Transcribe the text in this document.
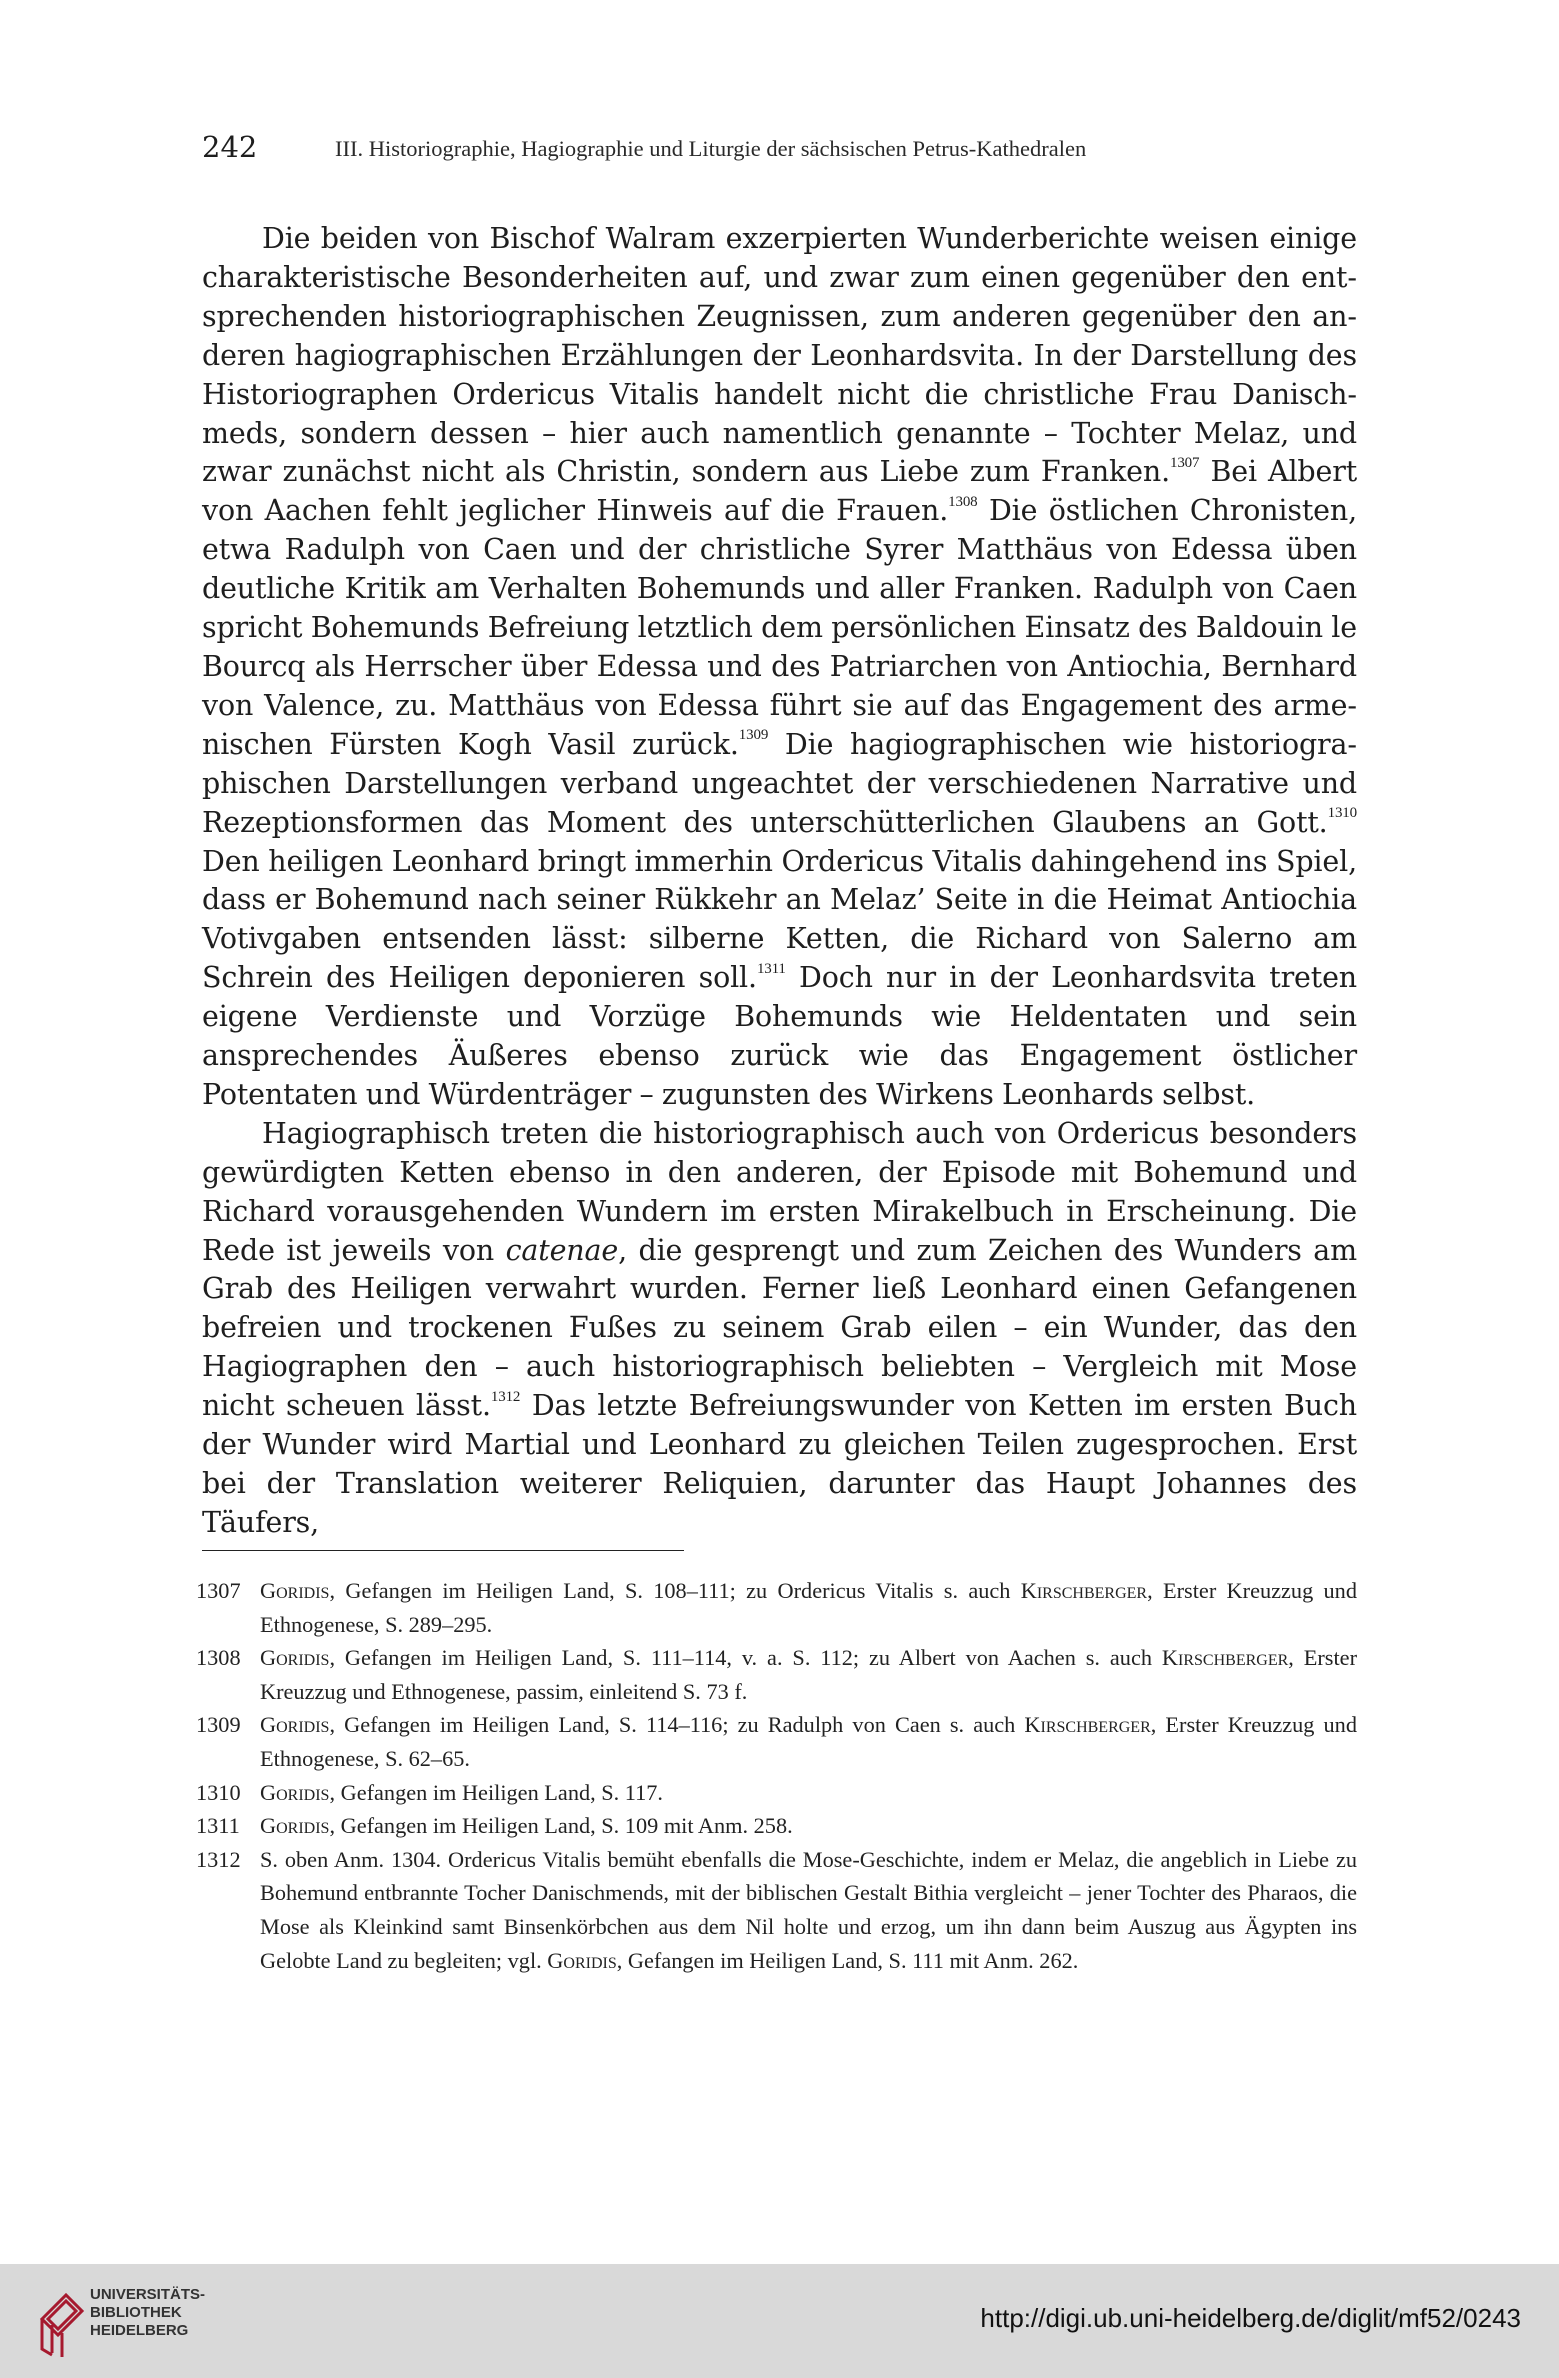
242	III. Historiographie, Hagiographie und Liturgie der sächsischen Petrus-Kathedralen

Die beiden von Bischof Walram exzerpierten Wunderberichte weisen einige charakteristische Besonderheiten auf, und zwar zum einen gegenüber den entsprechenden historiographischen Zeugnissen, zum anderen gegenüber den anderen hagiographischen Erzählungen der Leonhardsvita. In der Darstellung des Historiographen Ordericus Vitalis handelt nicht die christliche Frau Danischmeds, sondern dessen – hier auch namentlich genannte – Tochter Melaz, und zwar zunächst nicht als Christin, sondern aus Liebe zum Franken.$^{1307}$ Bei Albert von Aachen fehlt jeglicher Hinweis auf die Frauen.$^{1308}$ Die östlichen Chronisten, etwa Radulph von Caen und der christliche Syrer Matthäus von Edessa üben deutliche Kritik am Verhalten Bohemunds und aller Franken. Radulph von Caen spricht Bohemunds Befreiung letztlich dem persönlichen Einsatz des Baldouin le Bourcq als Herrscher über Edessa und des Patriarchen von Antiochia, Bernhard von Valence, zu. Matthäus von Edessa führt sie auf das Engagement des armenischen Fürsten Kogh Vasil zurück.$^{1309}$ Die hagiographischen wie historiographischen Darstellungen verband ungeachtet der verschiedenen Narrative und Rezeptionsformen das Moment des unterschütterlichen Glaubens an Gott.$^{1310}$ Den heiligen Leonhard bringt immerhin Ordericus Vitalis dahingehend ins Spiel, dass er Bohemund nach seiner Rükkehr an Melaz’ Seite in die Heimat Antiochia Votivgaben entsenden lässt: silberne Ketten, die Richard von Salerno am Schrein des Heiligen deponieren soll.$^{1311}$ Doch nur in der Leonhardsvita treten eigene Verdienste und Vorzüge Bohemunds wie Heldentaten und sein ansprechendes Äußeres ebenso zurück wie das Engagement östlicher Potentaten und Würdenträger – zugunsten des Wirkens Leonhards selbst.

Hagiographisch treten die historiographisch auch von Ordericus besonders gewürdigten Ketten ebenso in den anderen, der Episode mit Bohemund und Richard vorausgehenden Wundern im ersten Mirakelbuch in Erscheinung. Die Rede ist jeweils von catenae, die gesprengt und zum Zeichen des Wunders am Grab des Heiligen verwahrt wurden. Ferner ließ Leonhard einen Gefangenen befreien und trockenen Fußes zu seinem Grab eilen – ein Wunder, das den Hagiographen den – auch historiographisch beliebten – Vergleich mit Mose nicht scheuen lässt.$^{1312}$ Das letzte Befreiungswunder von Ketten im ersten Buch der Wunder wird Martial und Leonhard zu gleichen Teilen zugesprochen. Erst bei der Translation weiterer Reliquien, darunter das Haupt Johannes des Täufers,

1307 Goridis, Gefangen im Heiligen Land, S. 108–111; zu Ordericus Vitalis s. auch Kirschberger, Erster Kreuzzug und Ethnogenese, S. 289–295.
1308 Goridis, Gefangen im Heiligen Land, S. 111–114, v. a. S. 112; zu Albert von Aachen s. auch Kirschberger, Erster Kreuzzug und Ethnogenese, passim, einleitend S. 73 f.
1309 Goridis, Gefangen im Heiligen Land, S. 114–116; zu Radulph von Caen s. auch Kirschberger, Erster Kreuzzug und Ethnogenese, S. 62–65.
1310 Goridis, Gefangen im Heiligen Land, S. 117.
1311 Goridis, Gefangen im Heiligen Land, S. 109 mit Anm. 258.
1312 S. oben Anm. 1304. Ordericus Vitalis bemüht ebenfalls die Mose-Geschichte, indem er Melaz, die angeblich in Liebe zu Bohemund entbrannte Tocher Danischmends, mit der biblischen Gestalt Bithia vergleicht – jener Tochter des Pharaos, die Mose als Kleinkind samt Binsenkörbchen aus dem Nil holte und erzog, um ihn dann beim Auszug aus Ägypten ins Gelobte Land zu begleiten; vgl. Goridis, Gefangen im Heiligen Land, S. 111 mit Anm. 262.
UNIVERSITÄTS-
BIBLIOTHEK
HEIDELBERG	http://digi.ub.uni-heidelberg.de/diglit/mf52/0243
